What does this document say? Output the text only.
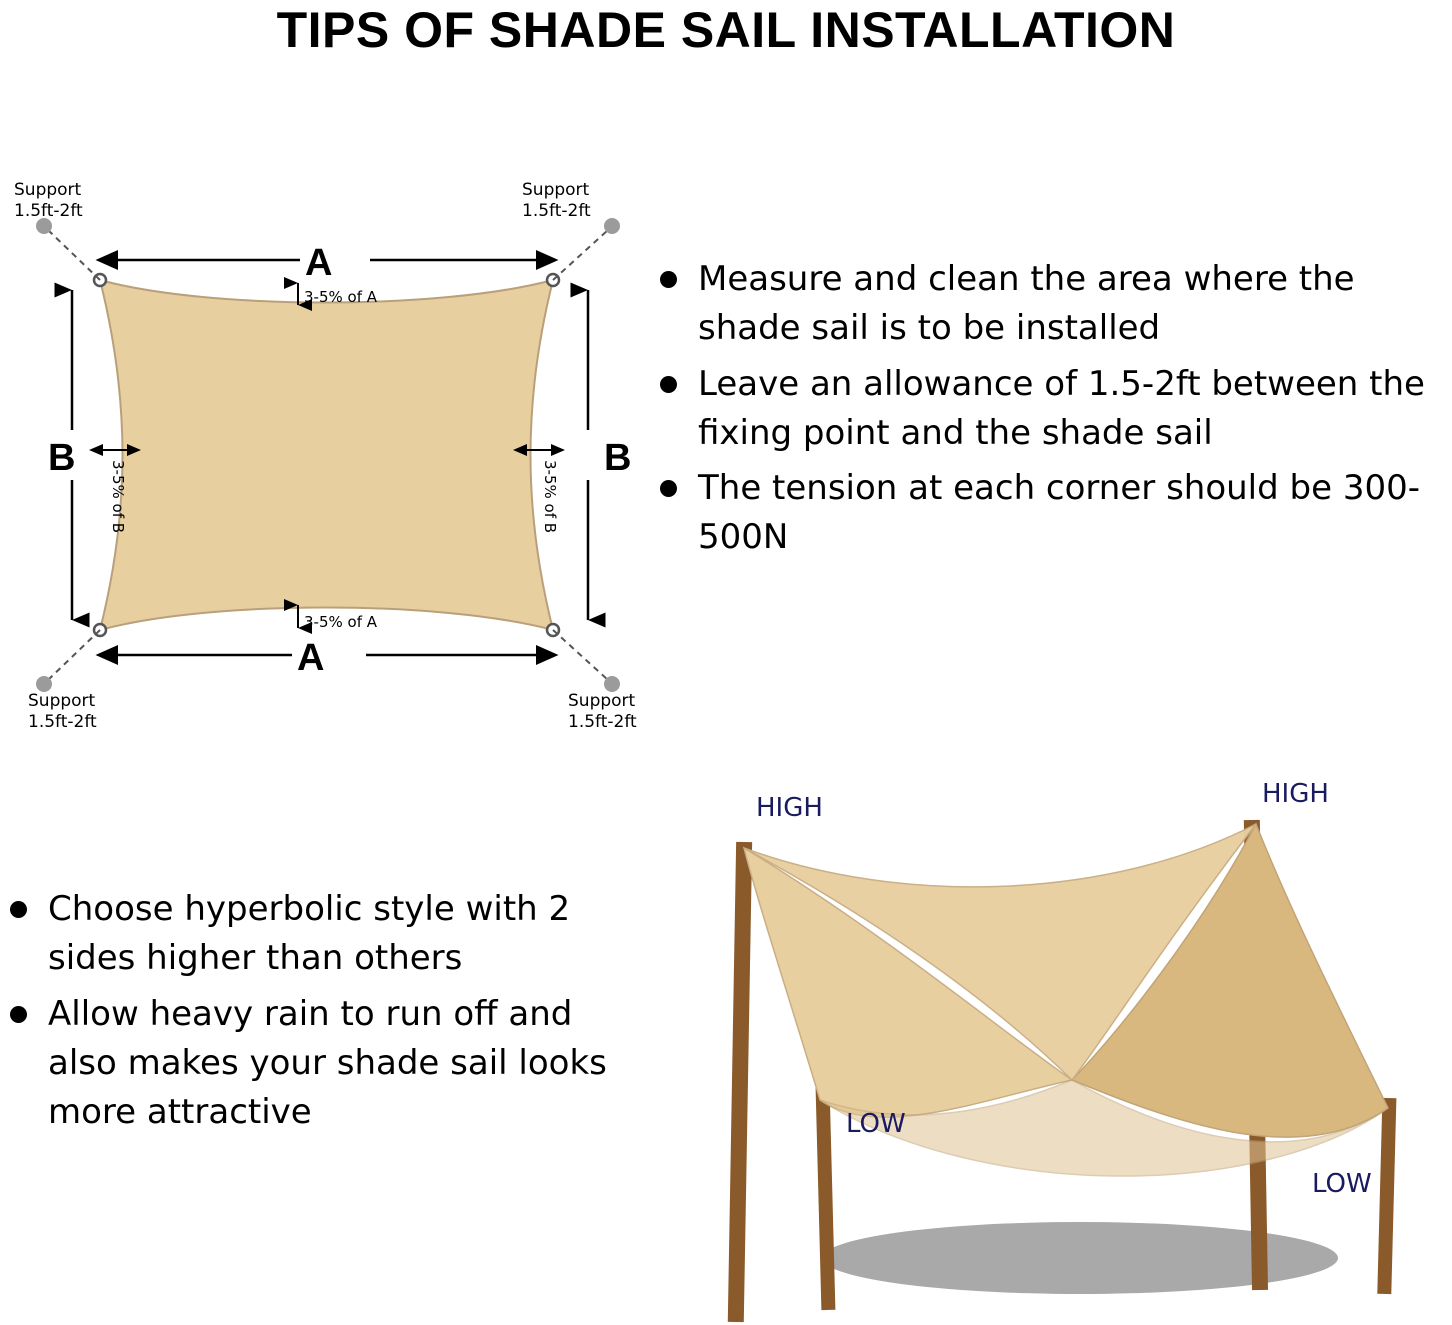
TIPS OF SHADE SAIL INSTALLATION
Support
1.5ft-2ft
Support
1.5ft-2ft
Support
1.5ft-2ft
Support
1.5ft-2ft
A
A
B	B
3-5% of A
3-5% of A
3-5% of B	3-5% of B
Measure and clean the area where the shade sail is to be installed
Leave an allowance of 1.5-2ft between the fixing point and the shade sail
The tension at each corner should be 300-500N
Choose hyperbolic style with 2 sides higher than others
Allow heavy rain to run off and also makes your shade sail looks more attractive
HIGH	HIGH
LOW
LOW
